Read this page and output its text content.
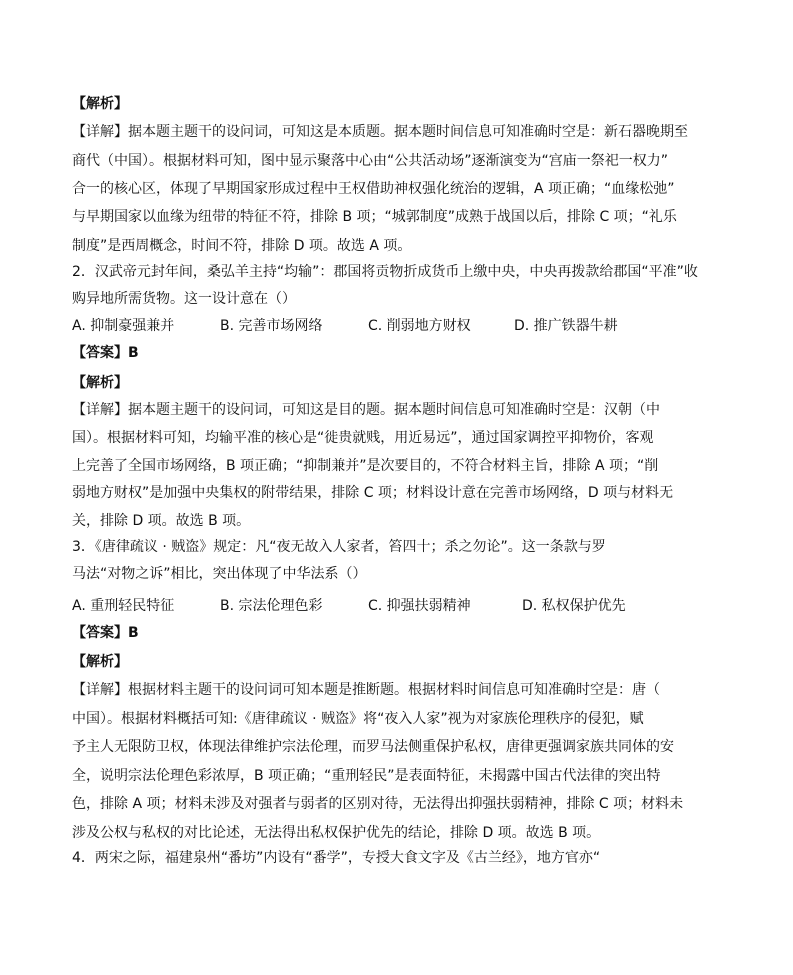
【解析】
【详解】据本题主题干的设问词，可知这是本质题。据本题时间信息可知准确时空是：新石器晚期至
商代（中国）。根据材料可知，图中显示聚落中心由“公共活动场”逐渐演变为“宫庙一祭祀一权力”
合一的核心区，体现了早期国家形成过程中王权借助神权强化统治的逻辑，A 项正确；“血缘松弛”
与早期国家以血缘为纽带的特征不符，排除 B 项；“城郭制度”成熟于战国以后，排除 C 项；“礼乐
制度”是西周概念，时间不符，排除 D 项。故选 A 项。
2．汉武帝元封年间，桑弘羊主持“均输”：郡国将贡物折成货币上缴中央，中央再拨款给郡国“平准”收
购异地所需货物。这一设计意在（）
A. 抑制豪强兼并	B. 完善市场网络	C. 削弱地方财权	D. 推广铁器牛耕
【答案】B
【解析】
【详解】据本题主题干的设问词，可知这是目的题。据本题时间信息可知准确时空是：汉朝（中
国）。根据材料可知，均输平准的核心是“徙贵就贱，用近易远”，通过国家调控平抑物价，客观
上完善了全国市场网络，B 项正确；“抑制兼并”是次要目的，不符合材料主旨，排除 A 项；“削
弱地方财权”是加强中央集权的附带结果，排除 C 项；材料设计意在完善市场网络，D 项与材料无
关，排除 D 项。故选 B 项。
3．《唐律疏议 · 贼盗》规定：凡“夜无故入人家者，笞四十；杀之勿论”。这一条款与罗
马法“对物之诉”相比，突出体现了中华法系（）
A. 重刑轻民特征	B. 宗法伦理色彩	C. 抑强扶弱精神	D. 私权保护优先
【答案】B
【解析】
【详解】根据材料主题干的设问词可知本题是推断题。根据材料时间信息可知准确时空是：唐（
中国）。根据材料概括可知:《唐律疏议 · 贼盗》将“夜入人家”视为对家族伦理秩序的侵犯，赋
予主人无限防卫权，体现法律维护宗法伦理，而罗马法侧重保护私权，唐律更强调家族共同体的安
全，说明宗法伦理色彩浓厚，B 项正确；“重刑轻民”是表面特征，未揭露中国古代法律的突出特
色，排除 A 项；材料未涉及对强者与弱者的区别对待，无法得出抑强扶弱精神，排除 C 项；材料未
涉及公权与私权的对比论述，无法得出私权保护优先的结论，排除 D 项。故选 B 项。
4．两宋之际，福建泉州“番坊”内设有“番学”，专授大食文字及《古兰经》，地方官亦“
